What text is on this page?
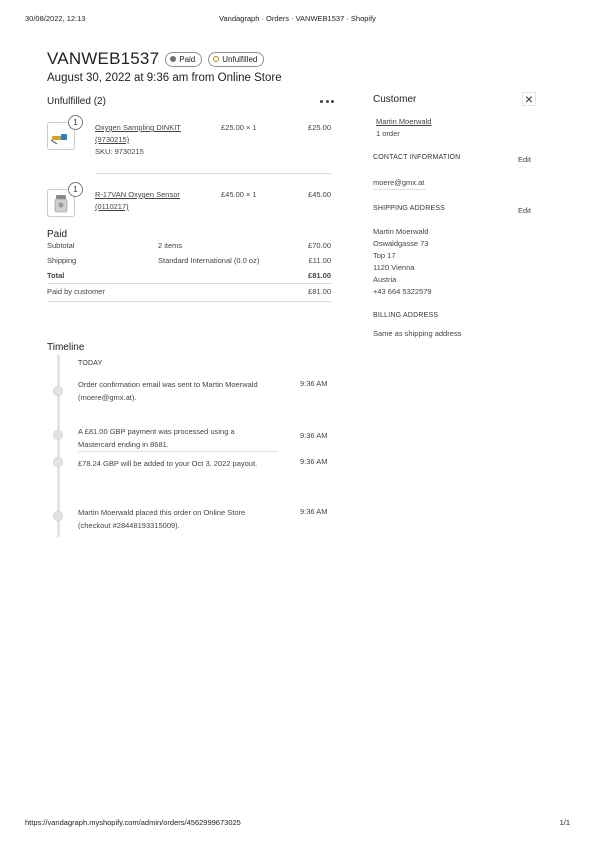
30/08/2022, 12:13	Vandagraph · Orders · VANWEB1537 · Shopify
VANWEB1537	Paid	Unfulfilled
August 30, 2022 at 9:36 am from Online Store
Unfulfilled (2)
1
Oxygen Sampling DINKIT
(9730215)
SKU: 9730215
£25.00 × 1	£25.00
1
R-17VAN Oxygen Sensor
(0110217)
£45.00 × 1	£45.00
Paid
Subtotal	2 items	£70.00
Shipping	Standard International (0.0 oz)	£11.00
Total	£81.00
Paid by customer	£81.00
Timeline
TODAY
Order confirmation email was sent to Martin Moerwald
(moere@gmx.at).
9:36 AM
A £81.00 GBP payment was processed using a
Mastercard ending in 8681.
9:36 AM
£78.24 GBP will be added to your Oct 3, 2022 payout.	9:36 AM
Martin Moerwald placed this order on Online Store
(checkout #28448193315009).
9:36 AM
Customer	×
Martin Moerwald
1 order
CONTACT INFORMATION	Edit
moere@gmx.at
SHIPPING ADDRESS	Edit
Martin Moerwald
Oswaldgasse 73
Top 17
1120 Vienna
Austria
+43 664 5322579
BILLING ADDRESS
Same as shipping address
https://vandagraph.myshopify.com/admin/orders/4562999673025	1/1
